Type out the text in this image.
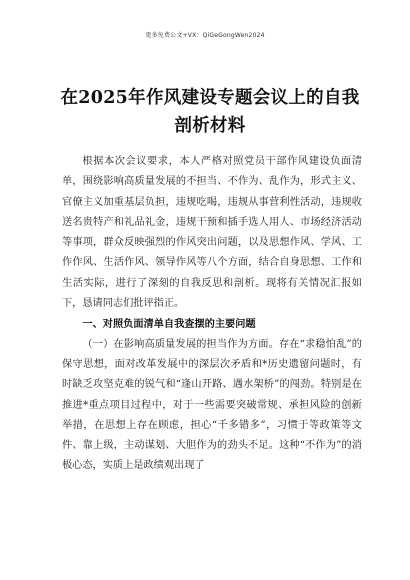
更多免费公文+VX：QiGeGongWen2024
在2025年作风建设专题会议上的自我
剖析材料

根据本次会议要求，本人严格对照党员干部作风建设负面清单，围绕影响高质量发展的不担当、不作为、乱作为，形式主义、官僚主义加重基层负担，违规吃喝，违规从事营利性活动，违规收送名贵特产和礼品礼金，违规干预和插手选人用人、市场经济活动等事项，群众反映强烈的作风突出问题，以及思想作风、学风、工作作风、生活作风、领导作风等八个方面，结合自身思想、工作和生活实际，进行了深刻的自我反思和剖析。现将有关情况汇报如下，恳请同志们批评指正。

一、对照负面清单自我查摆的主要问题

（一）在影响高质量发展的担当作为方面。存在“求稳怕乱”的保守思想，面对改革发展中的深层次矛盾和*历史遗留问题时，有时缺乏攻坚克难的锐气和“逢山开路、遇水架桥”的闯劲。特别是在推进*重点项目过程中，对于一些需要突破常规、承担风险的创新举措，在思想上存在顾虑，担心“千多错多”，习惯于等政策等文件、靠上级，主动谋划、大胆作为的劲头不足。这种“不作为”的消极心态，实质上是政绩观出现了
